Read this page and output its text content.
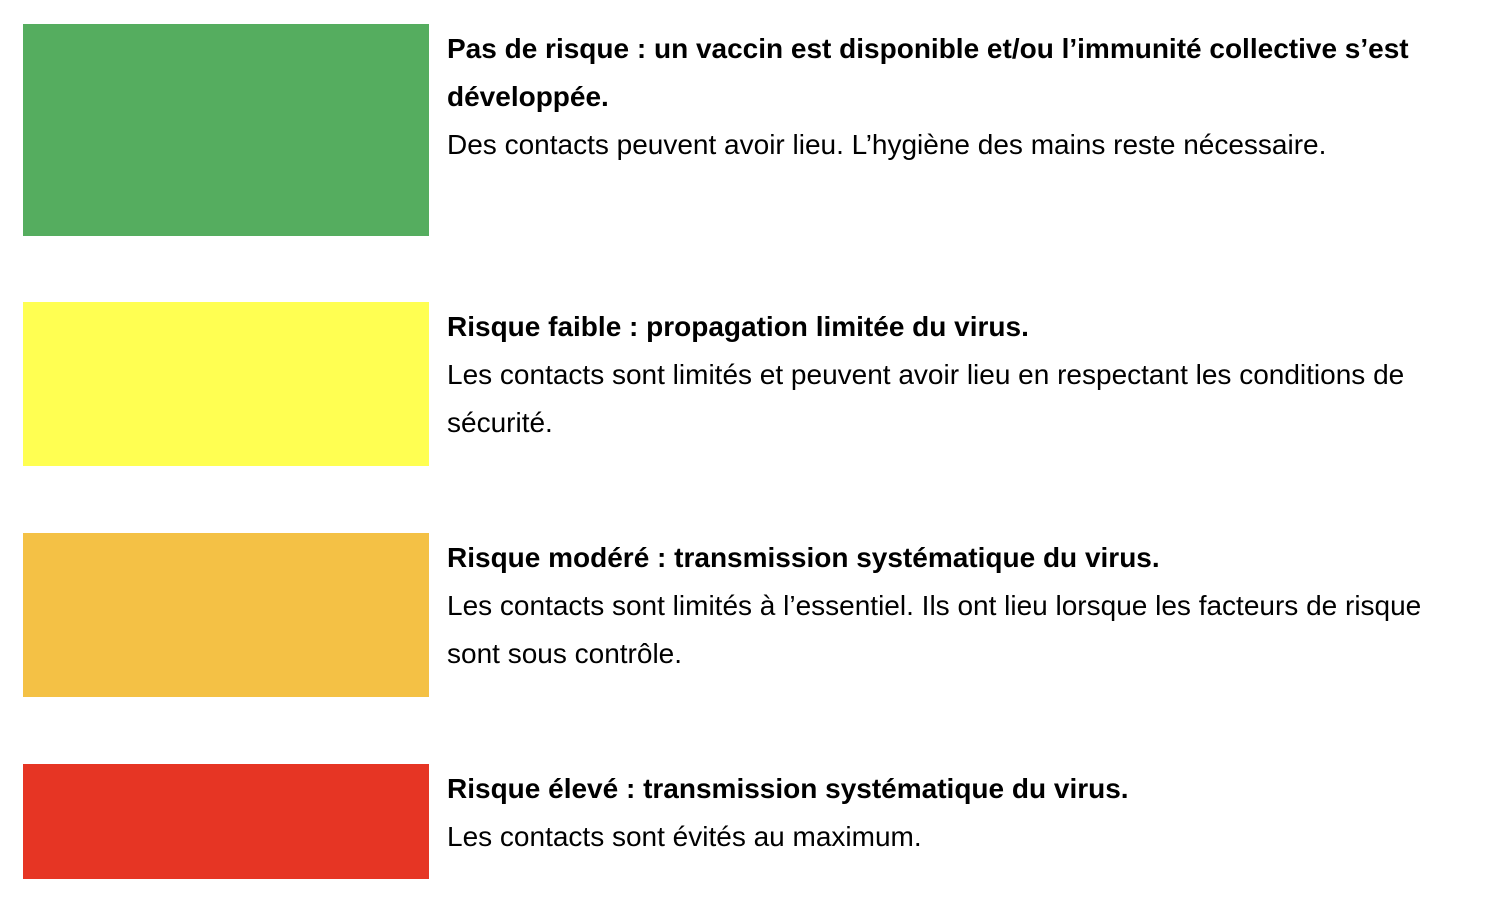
Pas de risque : un vaccin est disponible et/ou l’immunité collective s’est développée.
Des contacts peuvent avoir lieu. L’hygiène des mains reste nécessaire.
Risque faible : propagation limitée du virus.
Les contacts sont limités et peuvent avoir lieu en respectant les conditions de sécurité.
Risque modéré : transmission systématique du virus.
Les contacts sont limités à l’essentiel. Ils ont lieu lorsque les facteurs de risque sont sous contrôle.
Risque élevé : transmission systématique du virus.
Les contacts sont évités au maximum.
